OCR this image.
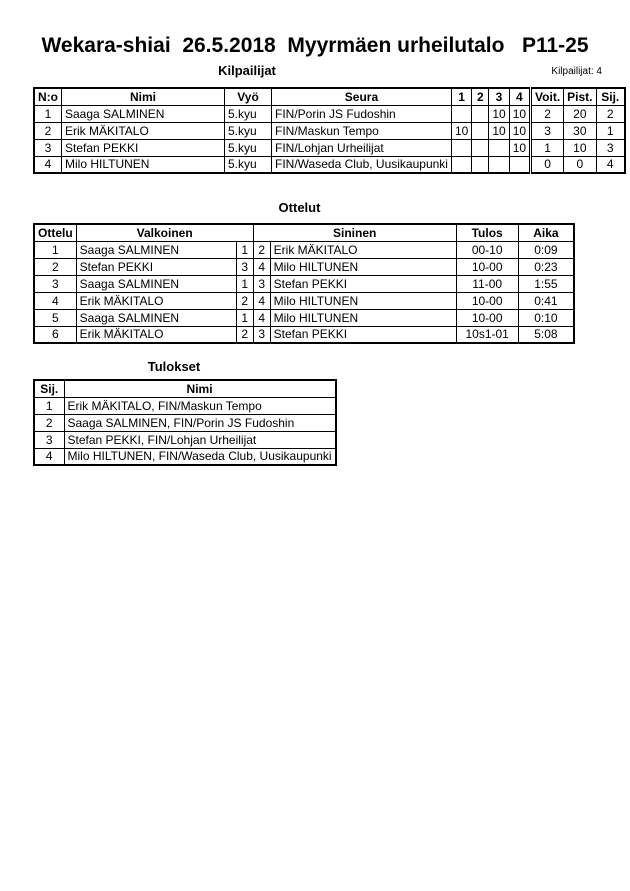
Wekara-shiai  26.5.2018  Myyrmäen urheilutalo   P11-25
Kilpailijat: 4
Kilpailijat
N:o	Nimi	Vyö	Seura	1	2	3	4	Voit.	Pist.	Sij.
1	Saaga SALMINEN	5.kyu	FIN/Porin JS Fudoshin			10	10	2	20	2
2	Erik MÄKITALO	5.kyu	FIN/Maskun Tempo	10		10	10	3	30	1
3	Stefan PEKKI	5.kyu	FIN/Lohjan Urheilijat				10	1	10	3
4	Milo HILTUNEN	5.kyu	FIN/Waseda Club, Uusikaupunki					0	0	4
Ottelut
Ottelu	Valkoinen		Sininen		Tulos	Aika
1	Saaga SALMINEN	1	2	Erik MÄKITALO	00-10	0:09
2	Stefan PEKKI	3	4	Milo HILTUNEN	10-00	0:23
3	Saaga SALMINEN	1	3	Stefan PEKKI	11-00	1:55
4	Erik MÄKITALO	2	4	Milo HILTUNEN	10-00	0:41
5	Saaga SALMINEN	1	4	Milo HILTUNEN	10-00	0:10
6	Erik MÄKITALO	2	3	Stefan PEKKI	10s1-01	5:08
Tulokset
Sij.	Nimi
1	Erik MÄKITALO, FIN/Maskun Tempo
2	Saaga SALMINEN, FIN/Porin JS Fudoshin
3	Stefan PEKKI, FIN/Lohjan Urheilijat
4	Milo HILTUNEN, FIN/Waseda Club, Uusikaupunki
